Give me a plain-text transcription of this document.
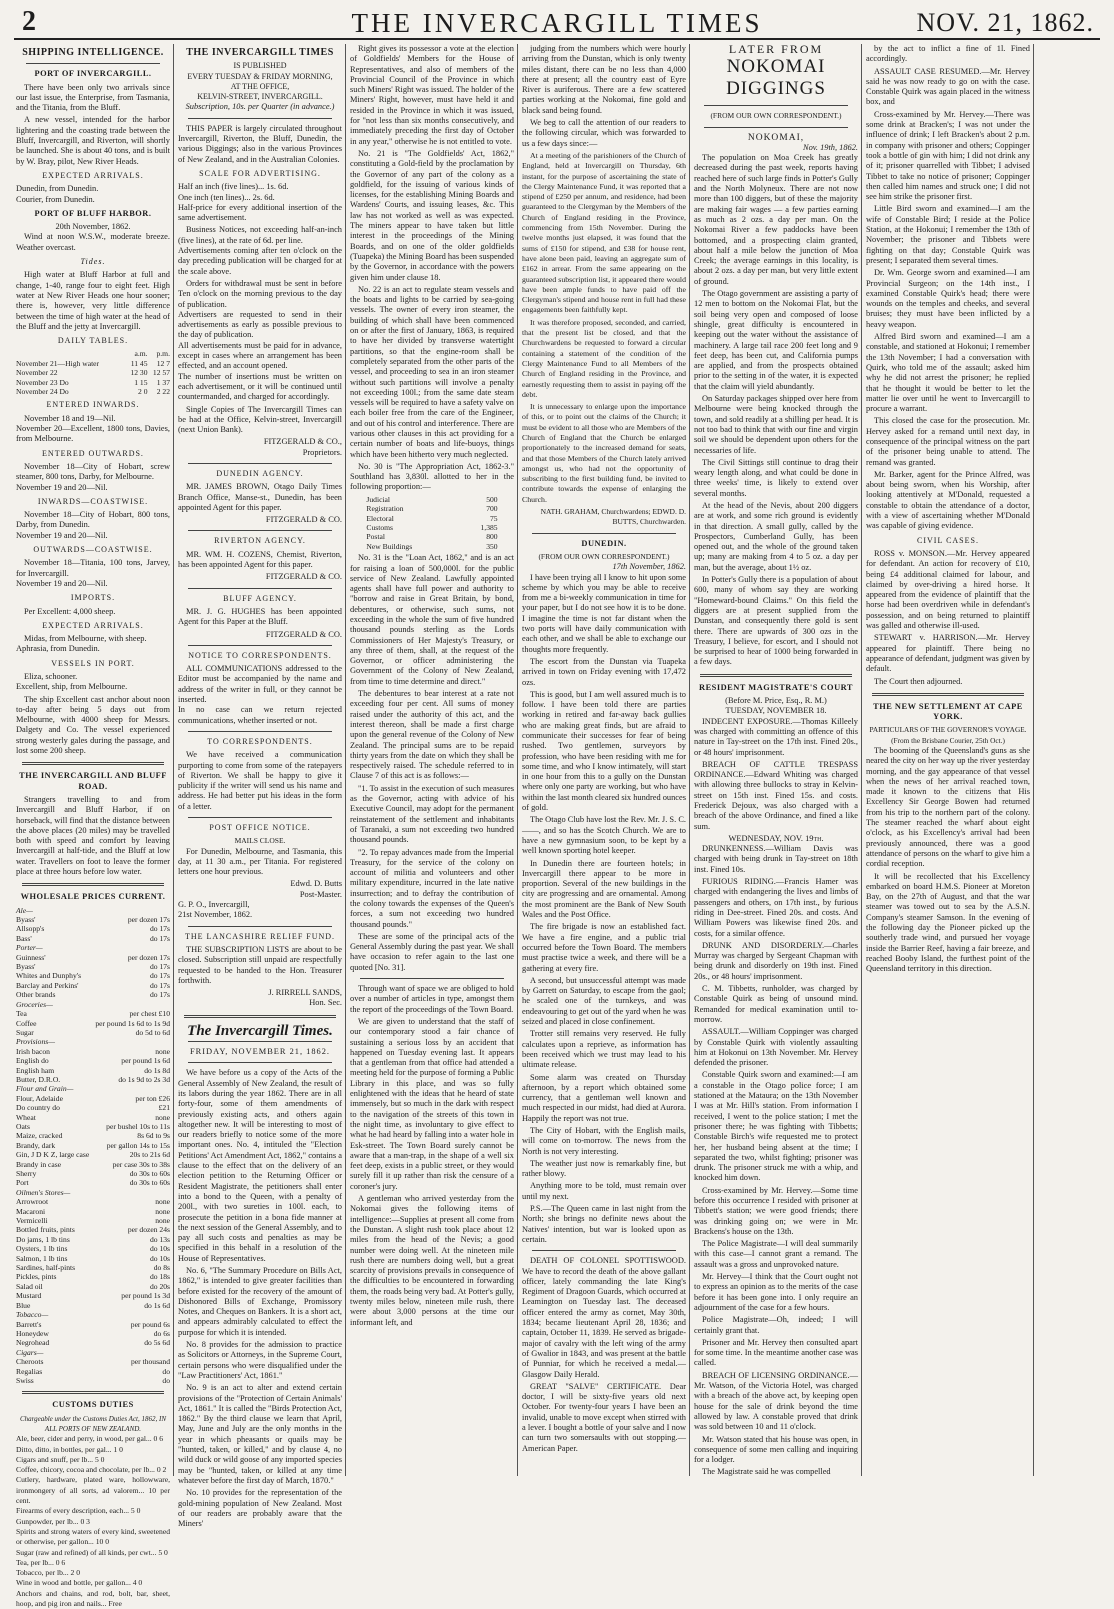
2	THE INVERCARGILL TIMES	NOV. 21, 1862.
SHIPPING INTELLIGENCE.
PORT OF INVERCARGILL.

There have been only two arrivals since our last issue, the Enterprise, from Tasmania, and the Titania, from the Bluff.

A new vessel, intended for the harbor lightering and the coasting trade between the Bluff, Invercargill, and Riverton, will shortly be launched. She is about 40 tons, and is built by W. Bray, pilot, New River Heads.

EXPECTED ARRIVALS.

Dunedin, from Dunedin.
Courier, from Dunedin.

PORT OF BLUFF HARBOR.
20th November, 1862.

Wind at noon W.S.W., moderate breeze. Weather overcast.

Tides.

High water at Bluff Harbor at full and change, 1-40, range four to eight feet. High water at New River Heads one hour sooner; there is, however, very little difference between the time of high water at the head of the Bluff and the jetty at Invercargill.

DAILY TABLES.
	a.m.	p.m.
November 21—High water	11 45	12 7
November 22	12 30	12 57
November 23 Do	1 15	1 37
November 24 Do	2 0	2 22
ENTERED INWARDS.

November 18 and 19—Nil.
November 20—Excellent, 1800 tons, Davies, from Melbourne.

ENTERED OUTWARDS.

November 18—City of Hobart, screw steamer, 800 tons, Darby, for Melbourne.
November 19 and 20—Nil.

INWARDS—COASTWISE.

November 18—City of Hobart, 800 tons, Darby, from Dunedin.
November 19 and 20—Nil.

OUTWARDS—COASTWISE.

November 18—Titania, 100 tons, Jarvey, for Invercargill.
November 19 and 20—Nil.

IMPORTS.

Per Excellent: 4,000 sheep.

EXPECTED ARRIVALS.

Midas, from Melbourne, with sheep.
Aphrasia, from Dunedin.

VESSELS IN PORT.

Eliza, schooner.
Excellent, ship, from Melbourne.

The ship Excellent cast anchor about noon to-day after being 5 days out from Melbourne, with 4000 sheep for Messrs. Dalgety and Co. The vessel experienced strong westerly gales during the passage, and lost some 200 sheep.

THE INVERCARGILL AND BLUFF ROAD.

Strangers travelling to and from Invercargill and Bluff Harbor, if on horseback, will find that the distance between the above places (20 miles) may be travelled both with speed and comfort by leaving Invercargill at half-tide, and the Bluff at low water. Travellers on foot to leave the former place at three hours before low water.

WHOLESALE PRICES CURRENT.
Ale—	
Byass'	per dozen 17s
Allsopp's	do 17s
Bass'	do 17s
Porter—	
Guinness'	per dozen 17s
Byass'	do 17s
Whites and Dunphy's	do 17s
Barclay and Perkins'	do 17s
Other brands	do 17s
Groceries—	
Tea	per chest £10
Coffee	per pound 1s 6d to 1s 9d
Sugar	do 5d to 6d
Provisions—	
Irish bacon	none
English do	per pound 1s 6d
English ham	do 1s 8d
Butter, D.R.O.	do 1s 9d to 2s 3d
Flour and Grain—	
Flour, Adelaide	per ton £26
Do country do	£21
Wheat	none
Oats	per bushel 10s to 11s
Maize, cracked	8s 6d to 9s
Brandy, dark	per gallon 14s to 15s
Gin, J D K Z, large case	20s to 21s 6d
Brandy in case	per case 30s to 38s
Sherry	do 30s to 60s
Port	do 30s to 60s
Oilmen's Stores—	
Arrowroot	none
Macaroni	none
Vermicelli	none
Bottled fruits, pints	per dozen 24s
Do jams, 1 lb tins	do 13s
Oysters, 1 lb tins	do 10s
Salmon, 1 lb tins	do 10s
Sardines, half-pints	do 8s
Pickles, pints	do 18s
Salad oil	do 20s
Mustard	per pound 1s 3d
Blue	do 1s 6d
Tobacco—	
Barrett's	per pound 6s
Honeydew	do 6s
Negrohead	do 5s 6d
Cigars—	
Cheroots	per thousand
Regalias	do
Swiss	do
CUSTOMS DUTIES
Chargeable under the Customs Duties Act, 1862, IN ALL PORTS OF NEW ZEALAND.

Ale, beer, cider and perry, in wood, per gal... 0 6
Ditto, ditto, in bottles, per gal... 1 0
Cigars and snuff, per lb... 5 0
Coffee, chicory, cocoa and chocolate, per lb... 0 2
Cutlery, hardware, plated ware, hollowware, ironmongery of all sorts, ad valorem... 10 per cent.
Firearms of every description, each... 5 0
Gunpowder, per lb... 0 3
Spirits and strong waters of every kind, sweetened or otherwise, per gallon... 10 0
Sugar (raw and refined) of all kinds, per cwt... 5 0
Tea, per lb... 0 6
Tobacco, per lb... 2 0
Wine in wood and bottle, per gallon... 4 0
Anchors and chains, and rod, bolt, bar, sheet, hoop, and pig iron and nails... Free

THE INVERCARGILL TIMES
IS PUBLISHED
EVERY TUESDAY & FRIDAY MORNING,
AT THE OFFICE,
KELVIN-STREET, INVERCARGILL.
Subscription, 10s. per Quarter (in advance.)

THIS PAPER is largely circulated throughout Invercargill, Riverton, the Bluff, Dunedin, the various Diggings; also in the various Provinces of New Zealand, and in the Australian Colonies.

SCALE FOR ADVERTISING.

Half an inch (five lines)... 1s. 6d.
One inch (ten lines)... 2s. 6d.
Half-price for every additional insertion of the same advertisement.

Business Notices, not exceeding half-an-inch (five lines), at the rate of 6d. per line.
Advertisements coming after ten o'clock on the day preceding publication will be charged for at the scale above.

Orders for withdrawal must be sent in before Ten o'clock on the morning previous to the day of publication.
Advertisers are requested to send in their advertisements as early as possible previous to the day of publication.
All advertisements must be paid for in advance, except in cases where an arrangement has been effected, and an account opened.
The number of insertions must be written on each advertisement, or it will be continued until countermanded, and charged for accordingly.

Single Copies of The Invercargill Times can be had at the Office, Kelvin-street, Invercargill (next Union Bank).

FITZGERALD & CO.,
Proprietors.
DUNEDIN AGENCY.

MR. JAMES BROWN, Otago Daily Times Branch Office, Manse-st., Dunedin, has been appointed Agent for this paper.

FITZGERALD & CO.
RIVERTON AGENCY.

MR. WM. H. COZENS, Chemist, Riverton, has been appointed Agent for this paper.

FITZGERALD & CO.
BLUFF AGENCY.

MR. J. G. HUGHES has been appointed Agent for this Paper at the Bluff.

FITZGERALD & CO.
NOTICE TO CORRESPONDENTS.

ALL COMMUNICATIONS addressed to the Editor must be accompanied by the name and address of the writer in full, or they cannot be inserted.
In no case can we return rejected communications, whether inserted or not.

TO CORRESPONDENTS.

We have received a communication purporting to come from some of the ratepayers of Riverton. We shall be happy to give it publicity if the writer will send us his name and address. He had better put his ideas in the form of a letter.

POST OFFICE NOTICE.
MAILS CLOSE.

For Dunedin, Melbourne, and Tasmania, this day, at 11 30 a.m., per Titania. For registered letters one hour previous.

Edwd. D. Butts
Post-Master.
G. P. O., Invercargill,
21st November, 1862.
THE LANCASHIRE RELIEF FUND.

THE SUBSCRIPTION LISTS are about to be closed. Subscription still unpaid are respectfully requested to be handed to the Hon. Treasurer forthwith.

J. RIRRELL SANDS,
Hon. Sec.
The Invercargill Times.
FRIDAY, NOVEMBER 21, 1862.

We have before us a copy of the Acts of the General Assembly of New Zealand, the result of its labors during the year 1862. There are in all forty-four, some of them amendments of previously existing acts, and others again altogether new. It will be interesting to most of our readers briefly to notice some of the more important ones. No. 4, intituled the "Election Petitions' Act Amendment Act, 1862," contains a clause to the effect that on the delivery of an election petition to the Returning Officer or Resident Magistrate, the petitioners shall enter into a bond to the Queen, with a penalty of 200l., with two sureties in 100l. each, to prosecute the petition in a bona fide manner at the next session of the General Assembly, and to pay all such costs and penalties as may be specified in this behalf in a resolution of the House of Representatives.

No. 6, "The Summary Procedure on Bills Act, 1862," is intended to give greater facilities than before existed for the recovery of the amount of Dishonored Bills of Exchange, Promissory Notes, and Cheques on Bankers. It is a short act, and appears admirably calculated to effect the purpose for which it is intended.

No. 8 provides for the admission to practice as Solicitors or Attorneys, in the Supreme Court, certain persons who were disqualified under the "Law Practitioners' Act, 1861."

No. 9 is an act to alter and extend certain provisions of the "Protection of Certain Animals' Act, 1861." It is called the "Birds Protection Act, 1862." By the third clause we learn that April, May, June and July are the only months in the year in which pheasants or quails may be "hunted, taken, or killed," and by clause 4, no wild duck or wild goose of any imported species may be "hunted, taken, or killed at any time whatever before the first day of March, 1870."

No. 10 provides for the representation of the gold-mining population of New Zealand. Most of our readers are probably aware that the Miners'

Right gives its possessor a vote at the election of Goldfields' Members for the House of Representatives, and also of members of the Provincial Council of the Province in which such Miners' Right was issued. The holder of the Miners' Right, however, must have held it and resided in the Province in which it was issued, for "not less than six months consecutively, and immediately preceding the first day of October in any year," otherwise he is not entitled to vote.

No. 21 is "The Goldfields' Act, 1862," constituting a Gold-field by the proclamation by the Governor of any part of the colony as a goldfield, for the issuing of various kinds of licenses, for the establishing Mining Boards and Wardens' Courts, and issuing leases, &c. This law has not worked as well as was expected. The miners appear to have taken but little interest in the proceedings of the Mining Boards, and on one of the older goldfields (Tuapeka) the Mining Board has been suspended by the Governor, in accordance with the powers given him under clause 18.

No. 22 is an act to regulate steam vessels and the boats and lights to be carried by sea-going vessels. The owner of every iron steamer, the building of which shall have been commenced on or after the first of January, 1863, is required to have her divided by transverse watertight partitions, so that the engine-room shall be completely separated from the other parts of the vessel, and proceeding to sea in an iron steamer without such partitions will involve a penalty not exceeding 100l.; from the same date steam vessels will be required to have a safety valve on each boiler free from the care of the Engineer, and out of his control and interference. There are various other clauses in this act providing for a certain number of boats and life-buoys, things which have been hitherto very much neglected.

No. 30 is "The Appropriation Act, 1862-3." Southland has 3,830l. allotted to her in the following proportion:—

Judicial	500
Registration	700
Electoral	75
Customs	1,385
Postal	800
New Buildings	350

No. 31 is the "Loan Act, 1862," and is an act for raising a loan of 500,000l. for the public service of New Zealand. Lawfully appointed agents shall have full power and authority to "borrow and raise in Great Britain, by bond, debentures, or otherwise, such sums, not exceeding in the whole the sum of five hundred thousand pounds sterling as the Lords Commissioners of Her Majesty's Treasury, or any three of them, shall, at the request of the Governor, or officer administering the Government of the Colony of New Zealand, from time to time determine and direct."

The debentures to bear interest at a rate not exceeding four per cent. All sums of money raised under the authority of this act, and the interest thereon, shall be made a first charge upon the general revenue of the Colony of New Zealand. The principal sums are to be repaid thirty years from the date on which they shall be respectively raised. The schedule referred to in Clause 7 of this act is as follows:—

"1. To assist in the execution of such measures as the Governor, acting with advice of his Executive Council, may adopt for the permanent reinstatement of the settlement and inhabitants of Taranaki, a sum not exceeding two hundred thousand pounds.

"2. To repay advances made from the Imperial Treasury, for the service of the colony on account of militia and volunteers and other military expenditure, incurred in the late native insurrection; and to defray the contribution of the colony towards the expenses of the Queen's forces, a sum not exceeding two hundred thousand pounds."

These are some of the principal acts of the General Assembly during the past year. We shall have occasion to refer again to the last one quoted [No. 31].

Through want of space we are obliged to hold over a number of articles in type, amongst them the report of the proceedings of the Town Board.

We are given to understand that the staff of our contemporary stood a fair chance of sustaining a serious loss by an accident that happened on Tuesday evening last. It appears that a gentleman from that office had attended a meeting held for the purpose of forming a Public Library in this place, and was so fully enlightened with the ideas that he heard of state immensely, but so much in the dark with respect to the navigation of the streets of this town in the night time, as involuntary to give effect to what he had heard by falling into a water hole in Esk-street. The Town Board surely cannot be aware that a man-trap, in the shape of a well six feet deep, exists in a public street, or they would surely fill it up rather than risk the censure of a coroner's jury.

A gentleman who arrived yesterday from the Nokomai gives the following items of intelligence:—Supplies at present all come from the Dunstan. A slight rush took place about 12 miles from the head of the Nevis; a good number were doing well. At the nineteen mile rush there are numbers doing well, but a great scarcity of provisions prevails in consequence of the difficulties to be encountered in forwarding them, the roads being very bad. At Potter's gully, twenty miles below, nineteen mile rush, there were about 3,000 persons at the time our informant left, and

judging from the numbers which were hourly arriving from the Dunstan, which is only twenty miles distant, there can be no less than 4,000 there at present; all the country east of Eyre River is auriferous. There are a few scattered parties working at the Nokomai, fine gold and black sand being found.

We beg to call the attention of our readers to the following circular, which was forwarded to us a few days since:—

At a meeting of the parishioners of the Church of England, held at Invercargill on Thursday, 6th instant, for the purpose of ascertaining the state of the Clergy Maintenance Fund, it was reported that a stipend of £250 per annum, and residence, had been guaranteed to the Clergyman by the Members of the Church of England residing in the Province, commencing from 15th November. During the twelve months just elapsed, it was found that the sums of £150 for stipend, and £38 for house rent, have alone been paid, leaving an aggregate sum of £162 in arrear. From the same appearing on the guaranteed subscription list, it appeared there would have been ample funds to have paid off the Clergyman's stipend and house rent in full had these engagements been faithfully kept.

It was therefore proposed, seconded, and carried, that the present list be closed, and that the Churchwardens be requested to forward a circular containing a statement of the condition of the Clergy Maintenance Fund to all Members of the Church of England residing in the Province, and earnestly requesting them to assist in paying off the debt.

It is unnecessary to enlarge upon the importance of this, or to point out the claims of the Church; it must be evident to all those who are Members of the Church of England that the Church be enlarged proportionately to the increased demand for seats, and that those Members of the Church lately arrived amongst us, who had not the opportunity of subscribing to the first building fund, be invited to contribute towards the expense of enlarging the Church.

NATH. GRAHAM, Churchwardens; EDWD. D. BUTTS, Churchwarden.
DUNEDIN.
(FROM OUR OWN CORRESPONDENT.)
17th November, 1862.

I have been trying all I know to hit upon some scheme by which you may be able to receive from me a bi-weekly communication in time for your paper, but I do not see how it is to be done. I imagine the time is not far distant when the two ports will have daily communication with each other, and we shall be able to exchange our thoughts more frequently.

The escort from the Dunstan via Tuapeka arrived in town on Friday evening with 17,472 ozs.

This is good, but I am well assured much is to follow. I have been told there are parties working in retired and far-away back gullies who are making great finds, but are afraid to communicate their successes for fear of being rushed. Two gentlemen, surveyors by profession, who have been residing with me for some time, and who I know intimately, will start in one hour from this to a gully on the Dunstan where only one party are working, but who have within the last month cleared six hundred ounces of gold.

The Otago Club have lost the Rev. Mr. J. S. C. ——, and so has the Scotch Church. We are to have a new gymnasium soon, to be kept by a well known sporting hotel keeper.

In Dunedin there are fourteen hotels; in Invercargill there appear to be more in proportion. Several of the new buildings in the city are progressing and are ornamental. Among the most prominent are the Bank of New South Wales and the Post Office.

The fire brigade is now an established fact. We have a fire engine, and a public trial occurred before the Town Board. The members must practise twice a week, and there will be a gathering at every fire.

A second, but unsuccessful attempt was made by Garrett on Saturday, to escape from the gaol; he scaled one of the turnkeys, and was endeavouring to get out of the yard when he was seized and placed in close confinement.

Trotter still remains very reserved. He fully calculates upon a reprieve, as information has been received which we trust may lead to his ultimate release.

Some alarm was created on Thursday afternoon, by a report which obtained some currency, that a gentleman well known and much respected in our midst, had died at Aurora. Happily the report was not true.

The City of Hobart, with the English mails, will come on to-morrow. The news from the North is not very interesting.

The weather just now is remarkably fine, but rather blowy.

Anything more to be told, must remain over until my next.

P.S.—The Queen came in last night from the North; she brings no definite news about the Natives' intention, but war is looked upon as certain.

DEATH OF COLONEL SPOTTISWOOD. We have to record the death of the above gallant officer, lately commanding the late King's Regiment of Dragoon Guards, which occurred at Leamington on Tuesday last. The deceased officer entered the army as cornet, May 30th, 1834; became lieutenant April 28, 1836; and captain, October 11, 1839. He served as brigade-major of cavalry with the left wing of the army of Gwalior in 1843, and was present at the battle of Punniar, for which he received a medal.—Glasgow Daily Herald.

GREAT "SALVE" CERTIFICATE. Dear doctor, I will be sixty-five years old next October. For twenty-four years I have been an invalid, unable to move except when stirred with a lever. I bought a bottle of your salve and I now can turn two somersaults with out stopping.—American Paper.

LATER FROM
NOKOMAI DIGGINGS
(FROM OUR OWN CORRESPONDENT.)
NOKOMAI,
Nov. 19th, 1862.

The population on Moa Creek has greatly decreased during the past week, reports having reached here of such large finds in Potter's Gully and the North Molyneux. There are not now more than 100 diggers, but of these the majority are making fair wages — a few parties earning as much as 2 ozs. a day per man. On the Nokomai River a few paddocks have been bottomed, and a prospecting claim granted, about half a mile below the junction of Moa Creek; the average earnings in this locality, is about 2 ozs. a day per man, but very little extent of ground.

The Otago government are assisting a party of 12 men to bottom on the Nokomai Flat, but the soil being very open and composed of loose shingle, great difficulty is encountered in keeping out the water without the assistance of machinery. A large tail race 200 feet long and 9 feet deep, has been cut, and California pumps are applied, and from the prospects obtained prior to the setting in of the water, it is expected that the claim will yield abundantly.

On Saturday packages shipped over here from Melbourne were being knocked through the town, and sold readily at a shilling per head. It is not too bad to think that with our fine and virgin soil we should be dependent upon others for the necessaries of life.

The Civil Sittings still continue to drag their weary length along, and what could be done in three weeks' time, is likely to extend over several months.

At the head of the Nevis, about 200 diggers are at work, and some rich ground is evidently in that direction. A small gully, called by the Prospectors, Cumberland Gully, has been opened out, and the whole of the ground taken up; many are making from 4 to 5 oz. a day per man, but the average, about 1½ oz.

In Potter's Gully there is a population of about 600, many of whom say they are working "Homeward-bound Claims." On this field the diggers are at present supplied from the Dunstan, and consequently there gold is sent there. There are upwards of 300 ozs in the Treasury, I believe, for escort, and I should not be surprised to hear of 1000 being forwarded in a few days.

RESIDENT MAGISTRATE'S COURT
(Before M. Price, Esq., R. M.)
TUESDAY, NOVEMBER 18.

INDECENT EXPOSURE.—Thomas Killeely was charged with committing an offence of this nature in Tay-street on the 17th inst. Fined 20s., or 48 hours' imprisonment.

BREACH OF CATTLE TRESPASS ORDINANCE.—Edward Whiting was charged with allowing three bullocks to stray in Kelvin-street on 15th inst. Fined 15s. and costs. Frederick Dejoux, was also charged with a breach of the above Ordinance, and fined a like sum.

WEDNESDAY, NOV. 19th.

DRUNKENNESS.—William Davis was charged with being drunk in Tay-street on 18th inst. Fined 10s.

FURIOUS RIDING.—Francis Hamer was charged with endangering the lives and limbs of passengers and others, on 17th inst., by furious riding in Dee-street. Fined 20s. and costs. And William Powers was likewise fined 20s. and costs, for a similar offence.

DRUNK AND DISORDERLY.—Charles Murray was charged by Sergeant Chapman with being drunk and disorderly on 19th inst. Fined 20s., or 48 hours' imprisonment.

C. M. Tibbetts, runholder, was charged by Constable Quirk as being of unsound mind. Remanded for medical examination until to-morrow.

ASSAULT.—William Coppinger was charged by Constable Quirk with violently assaulting him at Hokonui on 13th November. Mr. Hervey defended the prisoner.

Constable Quirk sworn and examined:—I am a constable in the Otago police force; I am stationed at the Mataura; on the 13th November I was at Mr. Hill's station. From information I received, I went to the police station; I met the prisoner there; he was fighting with Tibbetts; Constable Birch's wife requested me to protect her, her husband being absent at the time; I separated the two, whilst fighting; prisoner was drunk. The prisoner struck me with a whip, and knocked him down.

Cross-examined by Mr. Hervey.—Some time before this occurrence I resided with prisoner at Tibbett's station; we were good friends; there was drinking going on; we were in Mr. Brackens's house on the 13th.

The Police Magistrate—I will deal summarily with this case—I cannot grant a remand. The assault was a gross and unprovoked nature.

Mr. Hervey—I think that the Court ought not to express an opinion as to the merits of the case before it has been gone into. I only require an adjournment of the case for a few hours.

Police Magistrate—Oh, indeed; I will certainly grant that.

Prisoner and Mr. Hervey then consulted apart for some time. In the meantime another case was called.

BREACH OF LICENSING ORDINANCE.—Mr. Watson, of the Victoria Hotel, was charged with a breach of the above act, by keeping open house for the sale of drink beyond the time allowed by law. A constable proved that drink was sold between 10 and 11 o'clock.

Mr. Watson stated that his house was open, in consequence of some men calling and inquiring for a lodger.

The Magistrate said he was compelled

by the act to inflict a fine of 1l. Fined accordingly.

ASSAULT CASE RESUMED.—Mr. Hervey said he was now ready to go on with the case. Constable Quirk was again placed in the witness box, and

Cross-examined by Mr. Hervey.—There was some drink at Bracken's; I was not under the influence of drink; I left Bracken's about 2 p.m. in company with prisoner and others; Coppinger took a bottle of gin with him; I did not drink any of it; prisoner quarrelled with Tibbet; I advised Tibbet to take no notice of prisoner; Coppinger then called him names and struck one; I did not see him strike the prisoner first.

Little Bird sworn and examined—I am the wife of Constable Bird; I reside at the Police Station, at the Hokonui; I remember the 13th of November; the prisoner and Tibbets were fighting on that day; Constable Quirk was present; I separated them several times.

Dr. Wm. George sworn and examined—I am Provincial Surgeon; on the 14th inst., I examined Constable Quirk's head; there were wounds on the temples and cheeks, and several bruises; they must have been inflicted by a heavy weapon.

Alfred Bird sworn and examined—I am a constable, and stationed at Hokonui; I remember the 13th November; I had a conversation with Quirk, who told me of the assault; asked him why he did not arrest the prisoner; he replied that he thought it would be better to let the matter lie over until he went to Invercargill to procure a warrant.

This closed the case for the prosecution. Mr. Hervey asked for a remand until next day, in consequence of the principal witness on the part of the prisoner being unable to attend. The remand was granted.

Mr. Barker, agent for the Prince Alfred, was about being sworn, when his Worship, after looking attentively at M'Donald, requested a constable to obtain the attendance of a doctor, with a view of ascertaining whether M'Donald was capable of giving evidence.

CIVIL CASES.

ROSS v. MONSON.—Mr. Hervey appeared for defendant. An action for recovery of £10, being £4 additional claimed for labour, and claimed by over-driving a hired horse. It appeared from the evidence of plaintiff that the horse had been overdriven while in defendant's possession, and on being returned to plaintiff was galled and otherwise ill-used.

STEWART v. HARRISON.—Mr. Hervey appeared for plaintiff. There being no appearance of defendant, judgment was given by default.

The Court then adjourned.

THE NEW SETTLEMENT AT CAPE YORK.
PARTICULARS OF THE GOVERNOR'S VOYAGE.
(From the Brisbane Courier, 25th Oct.)

The booming of the Queensland's guns as she neared the city on her way up the river yesterday morning, and the gay appearance of that vessel when the news of her arrival reached town, made it known to the citizens that His Excellency Sir George Bowen had returned from his trip to the northern part of the colony. The steamer reached the wharf about eight o'clock, as his Excellency's arrival had been previously announced, there was a good attendance of persons on the wharf to give him a cordial reception.

It will be recollected that his Excellency embarked on board H.M.S. Pioneer at Moreton Bay, on the 27th of August, and that the war steamer was towed out to sea by the A.S.N. Company's steamer Samson. In the evening of the following day the Pioneer picked up the southerly trade wind, and pursued her voyage inside the Barrier Reef, having a fair breeze, and reached Booby Island, the furthest point of the Queensland territory in this direction.
